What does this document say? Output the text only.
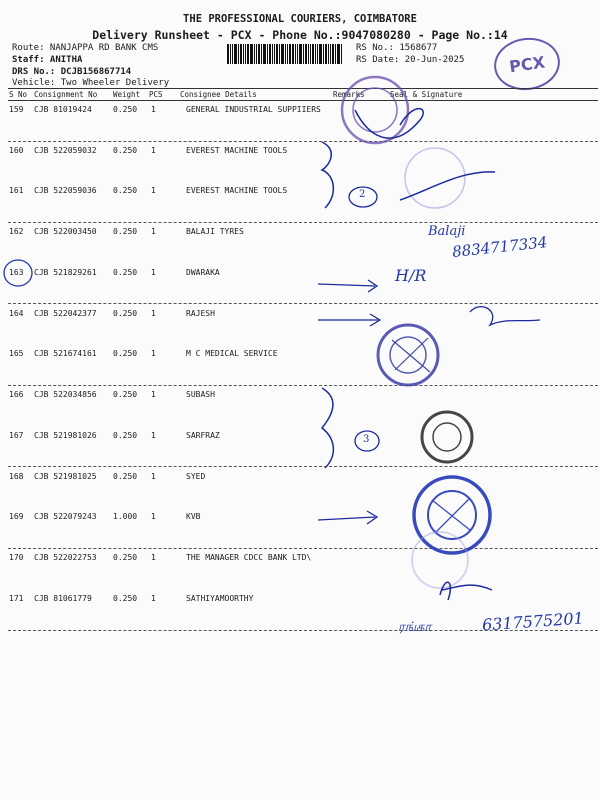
THE PROFESSIONAL COURIERS, COIMBATORE
Delivery Runsheet - PCX - Phone No.:9047080280 - Page No.:14
Route: NANJAPPA RD BANK CMS
Staff: ANITHA
DRS No.: DCJB156867714
Vehicle: Two Wheeler Delivery
RS No.: 1568677
RS Date: 20-Jun-2025	PCX
S No Consignment No Weight PCS Consignee Details	Remarks	Seal & Signature
159 CJB 81019424	0.250 1	GENERAL INDUSTRIAL SUPPIIERS
160 CJB 522059032 0.250 1	EVEREST MACHINE TOOLS
161 CJB 522059036 0.250 1	EVEREST MACHINE TOOLS
162 CJB 522003450 0.250 1	BALAJI TYRES
163 CJB 521829261 0.250 1	DWARAKA
164 CJB 522042377 0.250 1	RAJESH
165 CJB 521674161 0.250 1	M C MEDICAL SERVICE
166 CJB 522034856 0.250 1	SUBASH
167 CJB 521981026 0.250 1	SARFRAZ
168 CJB 521981025 0.250 1	SYED
169 CJB 522079243 1.000 1	KVB
170 CJB 522022753 0.250 1	THE MANAGER CDCC BANK LTD\
171 CJB 81061779	0.250 1	SATHIYAMOORTHY
Balaji
8834717334
H/R
2
3
ரங்கா	6317575201
